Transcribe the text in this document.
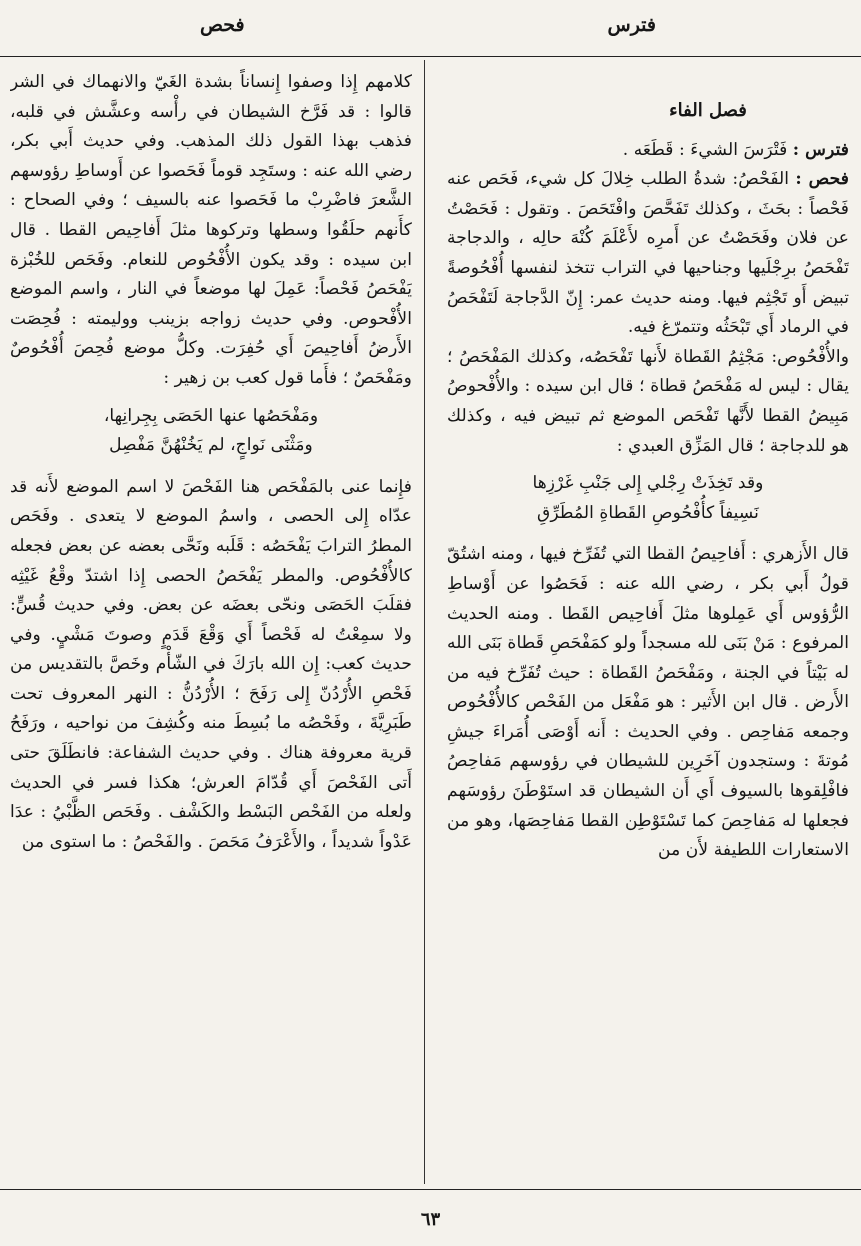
فترس
فحص
فصل الفاء

فترس : فَتْرَسَ الشيءَ : قَطَعَه .

فحص : الفَحْصُ: شدةُ الطلب خِلالَ كل شيء، فَحَص عنه فَحْصاً : بحَثَ ، وكذلك تَفَحَّصَ وافْتَحَصَ . وتقول : فَحَصْتُ عن فلان وفَحَصْتُ عن أَمرِه لأَعْلَمَ كُنْهَ حالِه ، والدجاجة تَفْحَصُ برِجْلَيها وجناحيها في التراب تتخذ لنفسها أُفْحُوصةً تبيض أَو تَجْثِم فيها. ومنه حديث عمر: إِنّ الدَّجاجة لَتَفْحَصُ في الرماد أَي تَبْحَثُه وتتمرّغ فيه.

والأُفْحُوص: مَجْثِمُ القَطاة لأَنها تَفْحَصُه، وكذلك المَفْحَصُ ؛ يقال : ليس له مَفْحَصُ قطاة ؛ قال ابن سيده : والأُفْحوصُ مَبِيضُ القطا لأَنَّها تَفْحَص الموضع ثم تبيض فيه ، وكذلك هو للدجاجة ؛ قال المَزِّق العبدي :

وقد تَخِذَتْ رِجْلي إِلى جَنْبِ غَرْزِها
نَسِيفاً كأُفْحُوصِ القَطاةِ المُطَرِّقِ

قال الأَزهري : أَفاحِيصُ القطا التي تُفَرِّخ فيها ، ومنه اشتُقّ قولُ أَبي بكر ، رضي الله عنه : فَحَصُوا عن أَوْساطِ الرُّؤوس أَي عَمِلوها مثلَ أَفاحِيص القَطا . ومنه الحديث المرفوع : مَنْ بَنَى لله مسجداً ولو كمَفْحَصِ قَطاة بَنَى الله له بَيْتاً في الجنة ، ومَفْحَصُ القَطاة : حيث تُفَرِّخ فيه من الأَرض . قال ابن الأَثير : هو مَفْعَل من الفَحْص كالأُفْحُوص وجمعه مَفاحِص . وفي الحديث : أَنه أَوْصَى أُمَراءَ جيشِ مُوتةَ : وستجدون آخَرِين للشيطان في رؤوسهم مَفاحِصُ فافْلِقوها بالسيوف أَي أَن الشيطان قد استَوْطَنَ رؤوسَهم فجعلها له مَفاحِصَ كما تَسْتَوْطِن القطا مَفاحِصَها، وهو من الاستعارات اللطيفة لأَن من

كلامهم إِذا وصفوا إِنساناً بشدة الغَيّ والانهماك في الشر قالوا : قد فَرَّخ الشيطان في رأْسه وعشَّش في قلبه، فذهب بهذا القول ذلك المذهب. وفي حديث أَبي بكر، رضي الله عنه : وستَجِد قوماً فَحَصوا عن أَوساطِ رؤوسهم الشَّعرَ فاضْرِبْ ما فَحَصوا عنه بالسيف ؛ وفي الصحاح : كأَنهم حلَقُوا وسطها وتركوها مثلَ أَفاحِيص القطا . قال ابن سيده : وقد يكون الأُفْحُوص للنعام. وفَحَص للخُبْزة يَفْحَصُ فَحْصاً: عَمِلَ لها موضعاً في النار ، واسم الموضع الأُفْحوص. وفي حديث زواجه بزينب ووليمته : فُحِصَت الأَرضُ أَفاحِيصَ أَي حُفِرَت. وكلُّ موضع فُحِصَ أُفْحُوصٌ ومَفْحَصٌ ؛ فأَما قول كعب بن زهير :

ومَفْحَصُها عنها الحَصَى بِجِرانِها،
ومَثْنَى نَواجٍ، لم يَخُنْهُنَّ مَفْصِل

فإِنما عنى بالمَفْحَص هنا الفَحْصَ لا اسم الموضع لأَنه قد عدّاه إِلى الحصى ، واسمُ الموضع لا يتعدى . وفَحَص المطرُ الترابَ يَفْحَصُه : قَلَبه ونَحَّى بعضه عن بعض فجعله كالأُفْحُوص. والمطر يَفْحَصُ الحصى إِذا اشتدّ وقْعُ غَيْثِه فقلَبَ الحَصَى ونحّى بعضَه عن بعض. وفي حديث قُسٍّ: ولا سمِعْتُ له فَحْصاً أَي وَقْعَ قَدَمٍ وصوتَ مَشْيٍ. وفي حديث كعب: إِن الله بارَكَ في الشّأْم وخَصَّ بالتقديس من فَحْصِ الأُرْدُنّ إِلى رَفَحَ ؛ الأُرْدُنُّ : النهر المعروف تحت طَبَرِيَّةَ ، وفَحْصُه ما بُسِطَ منه وكُشِفَ من نواحيه ، ورَفَحُ قرية معروفة هناك . وفي حديث الشفاعة: فانطَلَقَ حتى أَتى الفَحْصَ أَي قُدّامَ العرش؛ هكذا فسر في الحديث ولعله من الفَحْص البَسْط والكَشْف . وفَحَص الظَّبْيُ : عدَا عَدْواً شديداً ، والأَعْرَفُ مَحَصَ . والفَحْصُ : ما استوى من

٦٣
